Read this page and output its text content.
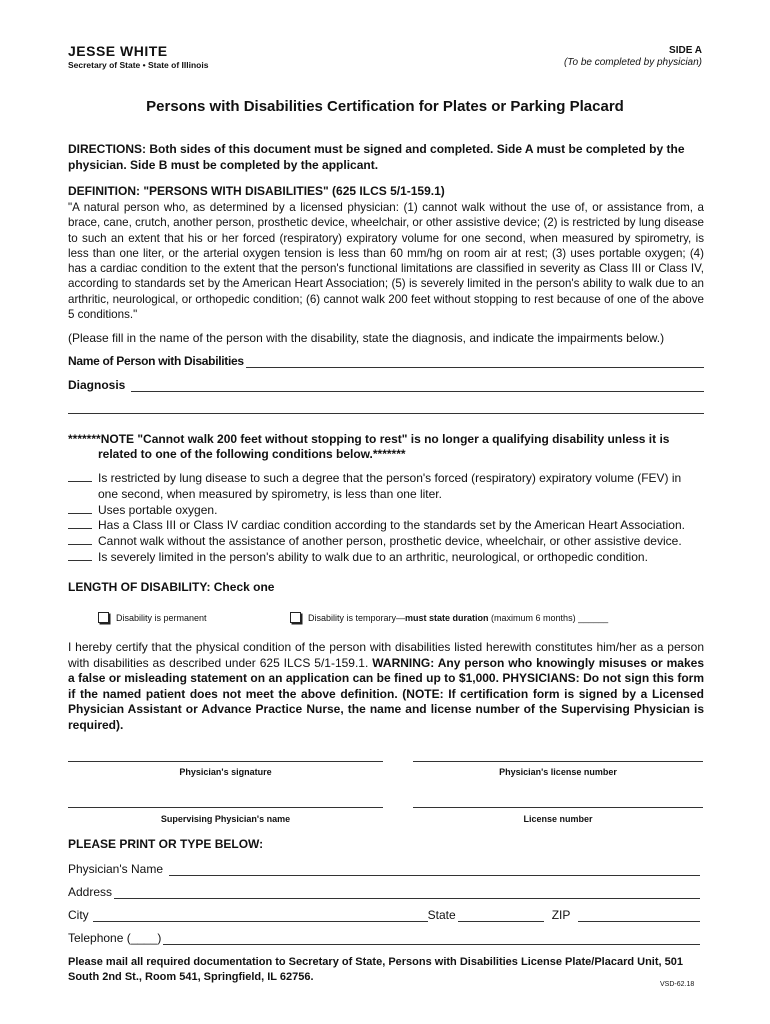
JESSE WHITE
Secretary of State • State of Illinois
SIDE A
(To be completed by physician)
Persons with Disabilities Certification for Plates or Parking Placard
DIRECTIONS: Both sides of this document must be signed and completed. Side A must be completed by the physician. Side B must be completed by the applicant.
DEFINITION: "PERSONS WITH DISABILITIES" (625 ILCS 5/1-159.1)
"A natural person who, as determined by a licensed physician: (1) cannot walk without the use of, or assistance from, a brace, cane, crutch, another person, prosthetic device, wheelchair, or other assistive device; (2) is restricted by lung disease to such an extent that his or her forced (respiratory) expiratory volume for one second, when measured by spirometry, is less than one liter, or the arterial oxygen tension is less than 60 mm/hg on room air at rest; (3) uses portable oxygen; (4) has a cardiac condition to the extent that the person's functional limitations are classified in severity as Class III or Class IV, according to standards set by the American Heart Association; (5) is severely limited in the person's ability to walk due to an arthritic, neurological, or orthopedic condition; (6) cannot walk 200 feet without stopping to rest because of one of the above 5 conditions."
(Please fill in the name of the person with the disability, state the diagnosis, and indicate the impairments below.)
Name of Person with Disabilities
Diagnosis
*******NOTE "Cannot walk 200 feet without stopping to rest" is no longer a qualifying disability unless it is
related to one of the following conditions below.*******
Is restricted by lung disease to such a degree that the person's forced (respiratory) expiratory volume (FEV) in
one second, when measured by spirometry, is less than one liter.
Uses portable oxygen.
Has a Class III or Class IV cardiac condition according to the standards set by the American Heart Association.
Cannot walk without the assistance of another person, prosthetic device, wheelchair, or other assistive device.
Is severely limited in the person's ability to walk due to an arthritic, neurological, or orthopedic condition.
LENGTH OF DISABILITY: Check one
Disability is permanent	Disability is temporary— must state duration (maximum 6 months) ______
I hereby certify that the physical condition of the person with disabilities listed herewith constitutes him/her as a person with disabilities as described under 625 ILCS 5/1-159.1. WARNING: Any person who knowingly misuses or makes a false or misleading statement on an application can be fined up to $1,000. PHYSICIANS: Do not sign this form if the named patient does not meet the above definition. (NOTE: If certification form is signed by a Licensed Physician Assistant or Advance Practice Nurse, the name and license number of the Supervising Physician is required).
Physician's signature	Physician's license number
Supervising Physician's name	License number
PLEASE PRINT OR TYPE BELOW:
Physician's Name
Address
City	State	ZIP
Telephone (____)
Please mail all required documentation to Secretary of State, Persons with Disabilities License Plate/Placard Unit, 501 South 2nd St., Room 541, Springfield, IL 62756.
VSD-62.18
